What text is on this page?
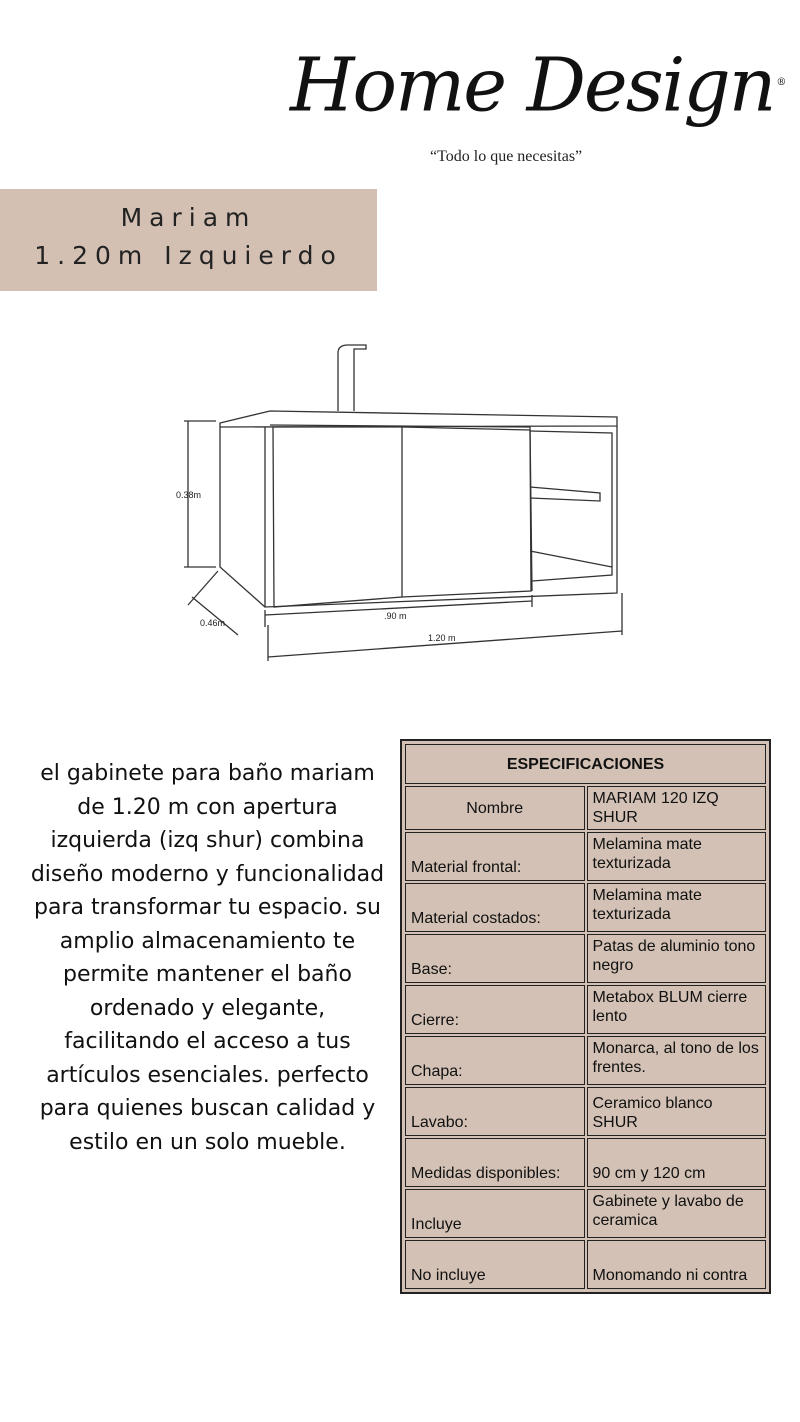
Home Design ®
“Todo lo que necesitas”
Mariam
1.20m Izquierdo
0.38m
0.46m
.90 m
1.20 m
el gabinete para baño mariam de 1.20 m con apertura izquierda (izq shur) combina diseño moderno y funcionalidad para transformar tu espacio. su amplio almacenamiento te permite mantener el baño ordenado y elegante, facilitando el acceso a tus artículos esenciales. perfecto para quienes buscan calidad y estilo en un solo mueble.
ESPECIFICACIONES	
Nombre	MARIAM 120 IZQ SHUR
Material frontal:	Melamina mate texturizada
Material costados:	Melamina mate texturizada
Base:	Patas de aluminio tono negro
Cierre:	Metabox BLUM cierre lento
Chapa:	Monarca, al tono de los frentes.
Lavabo:	Ceramico blanco SHUR
Medidas disponibles:	90 cm y 120 cm
Incluye	Gabinete y lavabo de ceramica
No incluye	Monomando ni contra
